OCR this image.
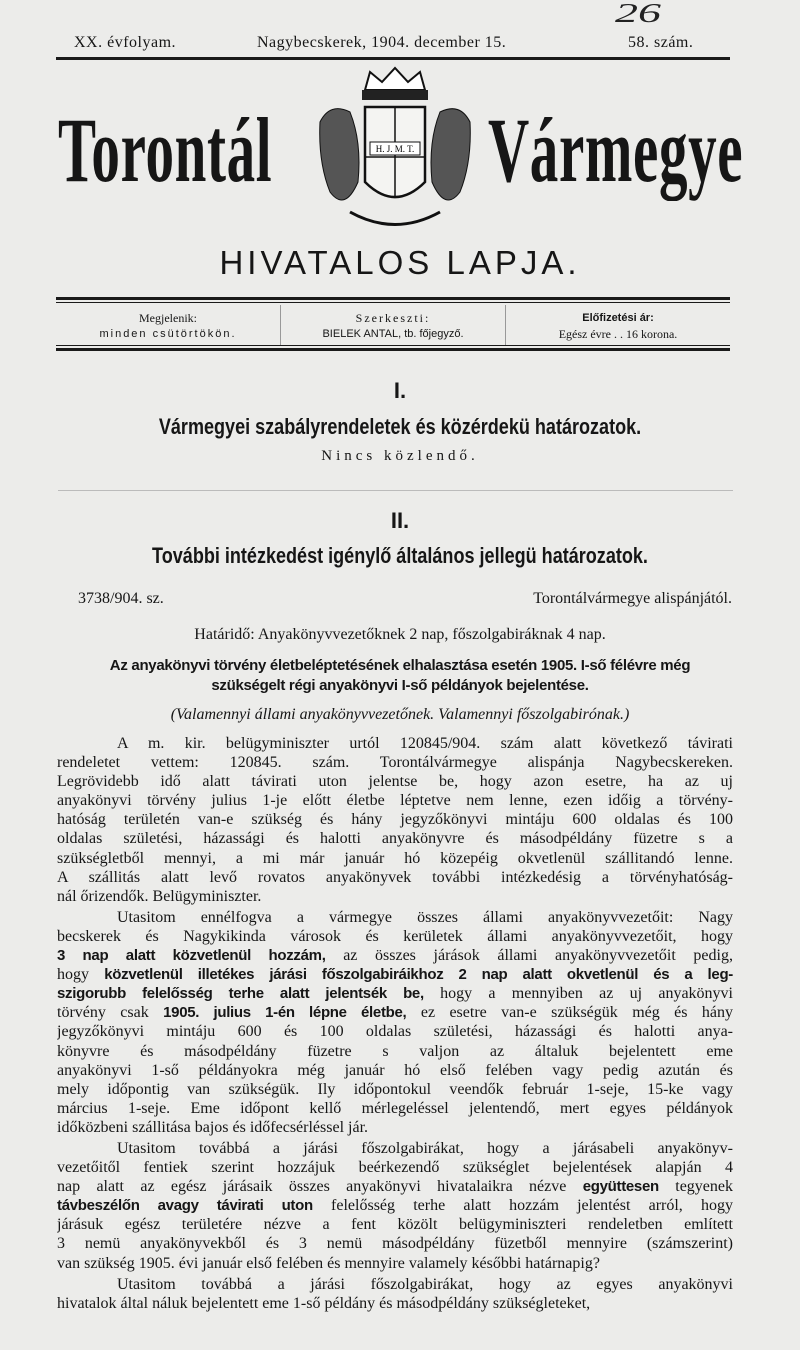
XX. évfolyam.	Nagybecskerek, 1904. december 15.	58. szám.
26
Torontál Vármegye
H. J. M. T.
HIVATALOS LAPJA.
Megjelenik:
minden csütörtökön.
Szerkeszti:
BIELEK ANTAL, tb. főjegyző.
Előfizetési ár:
Egész évre . . 16 korona.
I.
Vármegyei szabályrendeletek és közérdekü határozatok.
Nincs közlendő.
II.
További intézkedést igénylő általános jellegü határozatok.
3738/904. sz.	Torontálvármegye alispánjától.
Határidő: Anyakönyvvezetőknek 2 nap, főszolgabiráknak 4 nap.
Az anyakönyvi törvény életbeléptetésének elhalasztása esetén 1905. I-ső félévre még
szükségelt régi anyakönyvi I-ső példányok bejelentése.
(Valamennyi állami anyakönyvvezetőnek. Valamennyi főszolgabirónak.)
A m. kir. belügyminiszter urtól 120845/904. szám alatt következő távirati
rendeletet vettem: 120845. szám. Torontálvármegye alispánja Nagybecskereken.
Legrövidebb idő alatt távirati uton jelentse be, hogy azon esetre, ha az uj
anyakönyvi törvény julius 1-je előtt életbe léptetve nem lenne, ezen időig a törvény-
hatóság területén van-e szükség és hány jegyzőkönyvi mintáju 600 oldalas és 100
oldalas születési, házassági és halotti anyakönyvre és másodpéldány füzetre s a
szükségletből mennyi, a mi már január hó közepéig okvetlenül szállitandó lenne.
A szállitás alatt levő rovatos anyakönyvek további intézkedésig a törvényhatóság-
nál őrizendők. Belügyminiszter.
Utasitom ennélfogva a vármegye összes állami anyakönyvvezetőit: Nagy
becskerek és Nagykikinda városok és kerületek állami anyakönyvvezetőit, hogy
3 nap alatt közvetlenül hozzám, az összes járások állami anyakönyvvezetőit pedig,
hogy közvetlenül illetékes járási főszolgabiráikhoz 2 nap alatt okvetlenül és a leg-
szigorubb felelősség terhe alatt jelentsék be, hogy a mennyiben az uj anyakönyvi
törvény csak 1905. julius 1-én lépne életbe, ez esetre van-e szükségük még és hány
jegyzőkönyvi mintáju 600 és 100 oldalas születési, házassági és halotti anya-
könyvre és másodpéldány füzetre s valjon az általuk bejelentett eme
anyakönyvi 1-ső példányokra még január hó első felében vagy pedig azután és
mely időpontig van szükségük. Ily időpontokul veendők február 1-seje, 15-ke vagy
március 1-seje. Eme időpont kellő mérlegeléssel jelentendő, mert egyes példányok
időközbeni szállitása bajos és időfecsérléssel jár.
Utasitom továbbá a járási főszolgabirákat, hogy a járásabeli anyakönyv-
vezetőitől fentiek szerint hozzájuk beérkezendő szükséglet bejelentések alapján 4
nap alatt az egész járásaik összes anyakönyvi hivatalaikra nézve együttesen tegyenek
távbeszélőn avagy távirati uton felelősség terhe alatt hozzám jelentést arról, hogy
járásuk egész területére nézve a fent közölt belügyminiszteri rendeletben említett
3 nemü anyakönyvekből és 3 nemü másodpéldány füzetből mennyire (számszerint)
van szükség 1905. évi január első felében és mennyire valamely későbbi határnapig?
Utasitom továbbá a járási főszolgabirákat, hogy az egyes anyakönyvi
hivatalok által náluk bejelentett eme 1-ső példány és másodpéldány szükségleteket,
